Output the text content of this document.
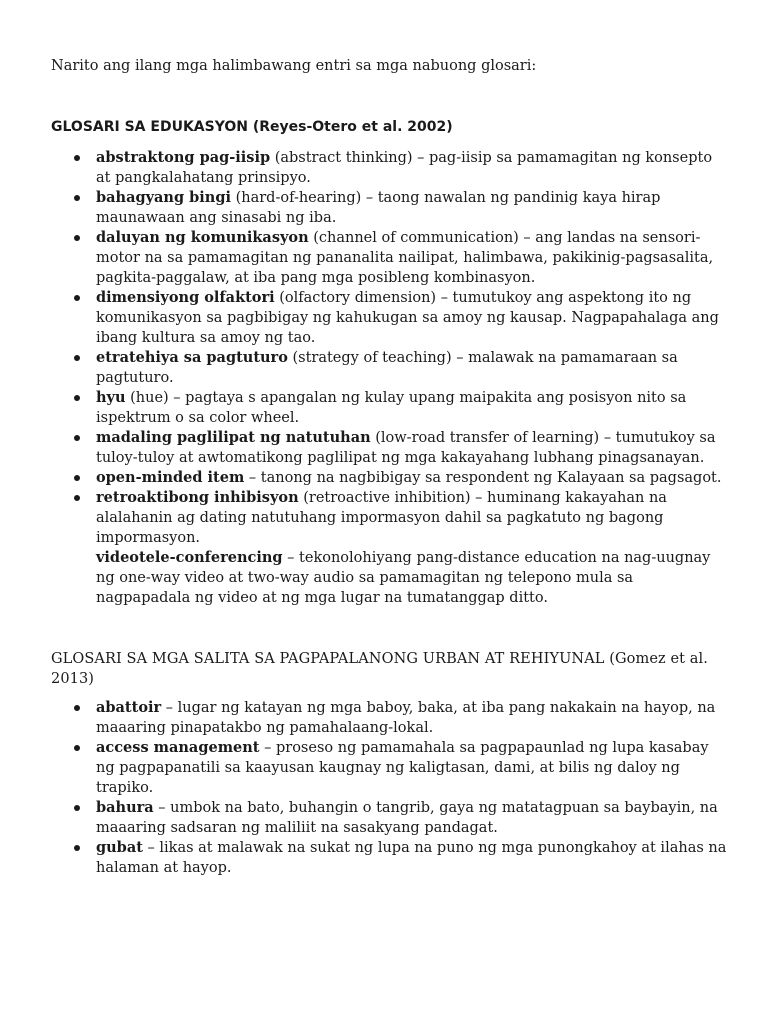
Narito ang ilang mga halimbawang entri sa mga nabuong glosari:
GLOSARI SA EDUKASYON (Reyes-Otero et al. 2002)
abstraktong pag-iisip (abstract thinking) – pag-iisip sa pamamagitan ng konsepto at pangkalahatang prinsipyo.
bahagyang bingi (hard-of-hearing) – taong nawalan ng pandinig kaya hirap maunawaan ang sinasabi ng iba.
daluyan ng komunikasyon (channel of communication) – ang landas na sensori-motor na sa pamamagitan ng pananalita nailipat, halimbawa, pakikinig-pagsasalita, pagkita-paggalaw, at iba pang mga posibleng kombinasyon.
dimensiyong olfaktori (olfactory dimension) – tumutukoy ang aspektong ito ng komunikasyon sa pagbibigay ng kahukugan sa amoy ng kausap. Nagpapahalaga ang ibang kultura sa amoy ng tao.
etratehiya sa pagtuturo (strategy of teaching) – malawak na pamamaraan sa pagtuturo.
hyu (hue) – pagtaya s apangalan ng kulay upang maipakita ang posisyon nito sa ispektrum o sa color wheel.
madaling paglilipat ng natutuhan (low-road transfer of learning) – tumutukoy sa tuloy-tuloy at awtomatikong paglilipat ng mga kakayahang lubhang pinagsanayan.
open-minded item – tanong na nagbibigay sa respondent ng Kalayaan sa pagsagot.
retroaktibong inhibisyon (retroactive inhibition) – huminang kakayahan na alalahanin ag dating natutuhang impormasyon dahil sa pagkatuto ng bagong impormasyon.
videotele-conferencing – tekonolohiyang pang-distance education na nag-uugnay ng one-way video at two-way audio sa pamamagitan ng telepono mula sa nagpapadala ng video at ng mga lugar na tumatanggap ditto.
GLOSARI SA MGA SALITA SA PAGPAPALANONG URBAN AT REHIYUNAL (Gomez et al. 2013)
abattoir – lugar ng katayan ng mga baboy, baka, at iba pang nakakain na hayop, na maaaring pinapatakbo ng pamahalaang-lokal.
access management – proseso ng pamamahala sa pagpapaunlad ng lupa kasabay ng pagpapanatili sa kaayusan kaugnay ng kaligtasan, dami, at bilis ng daloy ng trapiko.
bahura – umbok na bato, buhangin o tangrib, gaya ng matatagpuan sa baybayin, na maaaring sadsaran ng maliliit na sasakyang pandagat.
gubat – likas at malawak na sukat ng lupa na puno ng mga punongkahoy at ilahas na halaman at hayop.
